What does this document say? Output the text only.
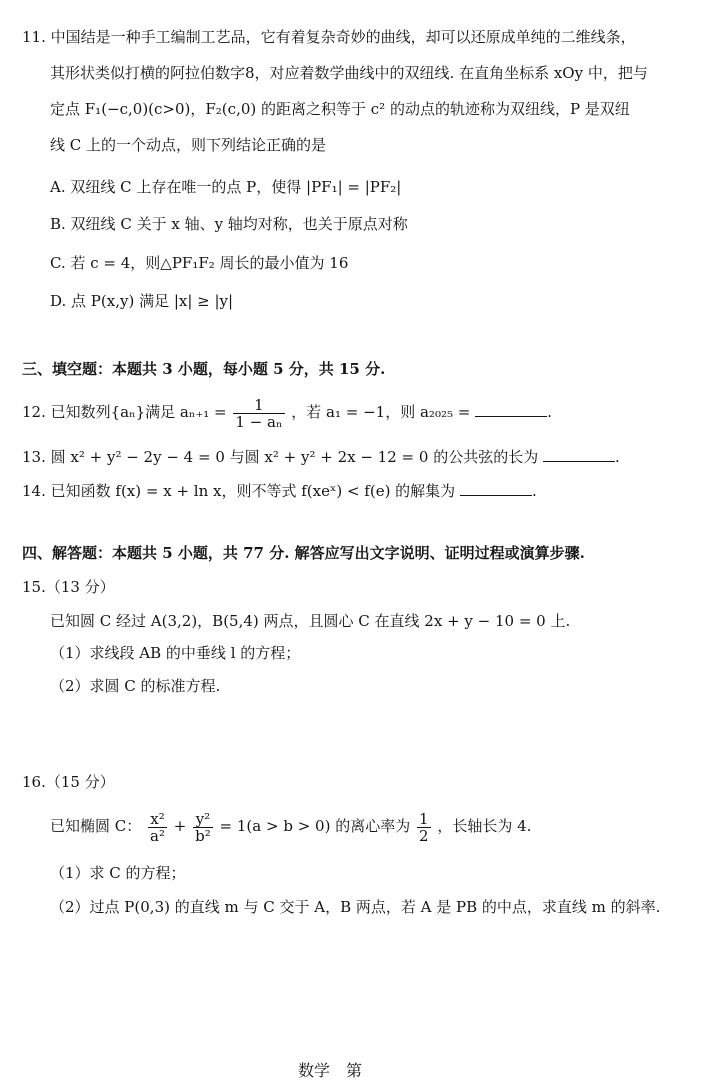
11. 中国结是一种手工编制工艺品，它有着复杂奇妙的曲线，却可以还原成单纯的二维线条，
其形状类似打横的阿拉伯数字8，对应着数学曲线中的双纽线. 在直角坐标系 xOy 中，把与
定点 F₁(−c,0)(c>0)，F₂(c,0) 的距离之积等于 c² 的动点的轨迹称为双纽线，P 是双纽
线 C 上的一个动点，则下列结论正确的是
A. 双纽线 C 上存在唯一的点 P，使得 |PF₁| = |PF₂|
B. 双纽线 C 关于 x 轴、y 轴均对称，也关于原点对称
C. 若 c = 4，则△PF₁F₂ 周长的最小值为 16
D. 点 P(x,y) 满足 |x| ≥ |y|
三、填空题：本题共 3 小题，每小题 5 分，共 15 分.
12. 已知数列{aₙ}满足 $a_{n+1} = \frac{1}{\text{1 − aₙ}}$ ，若 a₁ = −1，则 a₂₀₂₅ =	.
13. 圆 x² + y² − 2y − 4 = 0 与圆 x² + y² + 2x − 12 = 0 的公共弦的长为	.
14. 已知函数 f(x) = x + ln x，则不等式 f(xeˣ) < f(e) 的解集为	.
四、解答题：本题共 5 小题，共 77 分. 解答应写出文字说明、证明过程或演算步骤.
15.（13 分）
已知圆 C 经过 A(3,2)，B(5,4) 两点，且圆心 C 在直线 2x + y − 10 = 0 上.
（1）求线段 AB 的中垂线 l 的方程；
（2）求圆 C 的标准方程.
16.（15 分）
已知椭圆 C： $\frac{\text{x²}}{\text{a²}} + \frac{\text{y²}}{\text{b²}} = 1(a > b > 0)$ 的离心率为 $\frac{1}{2}$ ，长轴长为 4.
（1）求 C 的方程；
（2）过点 P(0,3) 的直线 m 与 C 交于 A，B 两点，若 A 是 PB 的中点，求直线 m 的斜率.
数学　第
